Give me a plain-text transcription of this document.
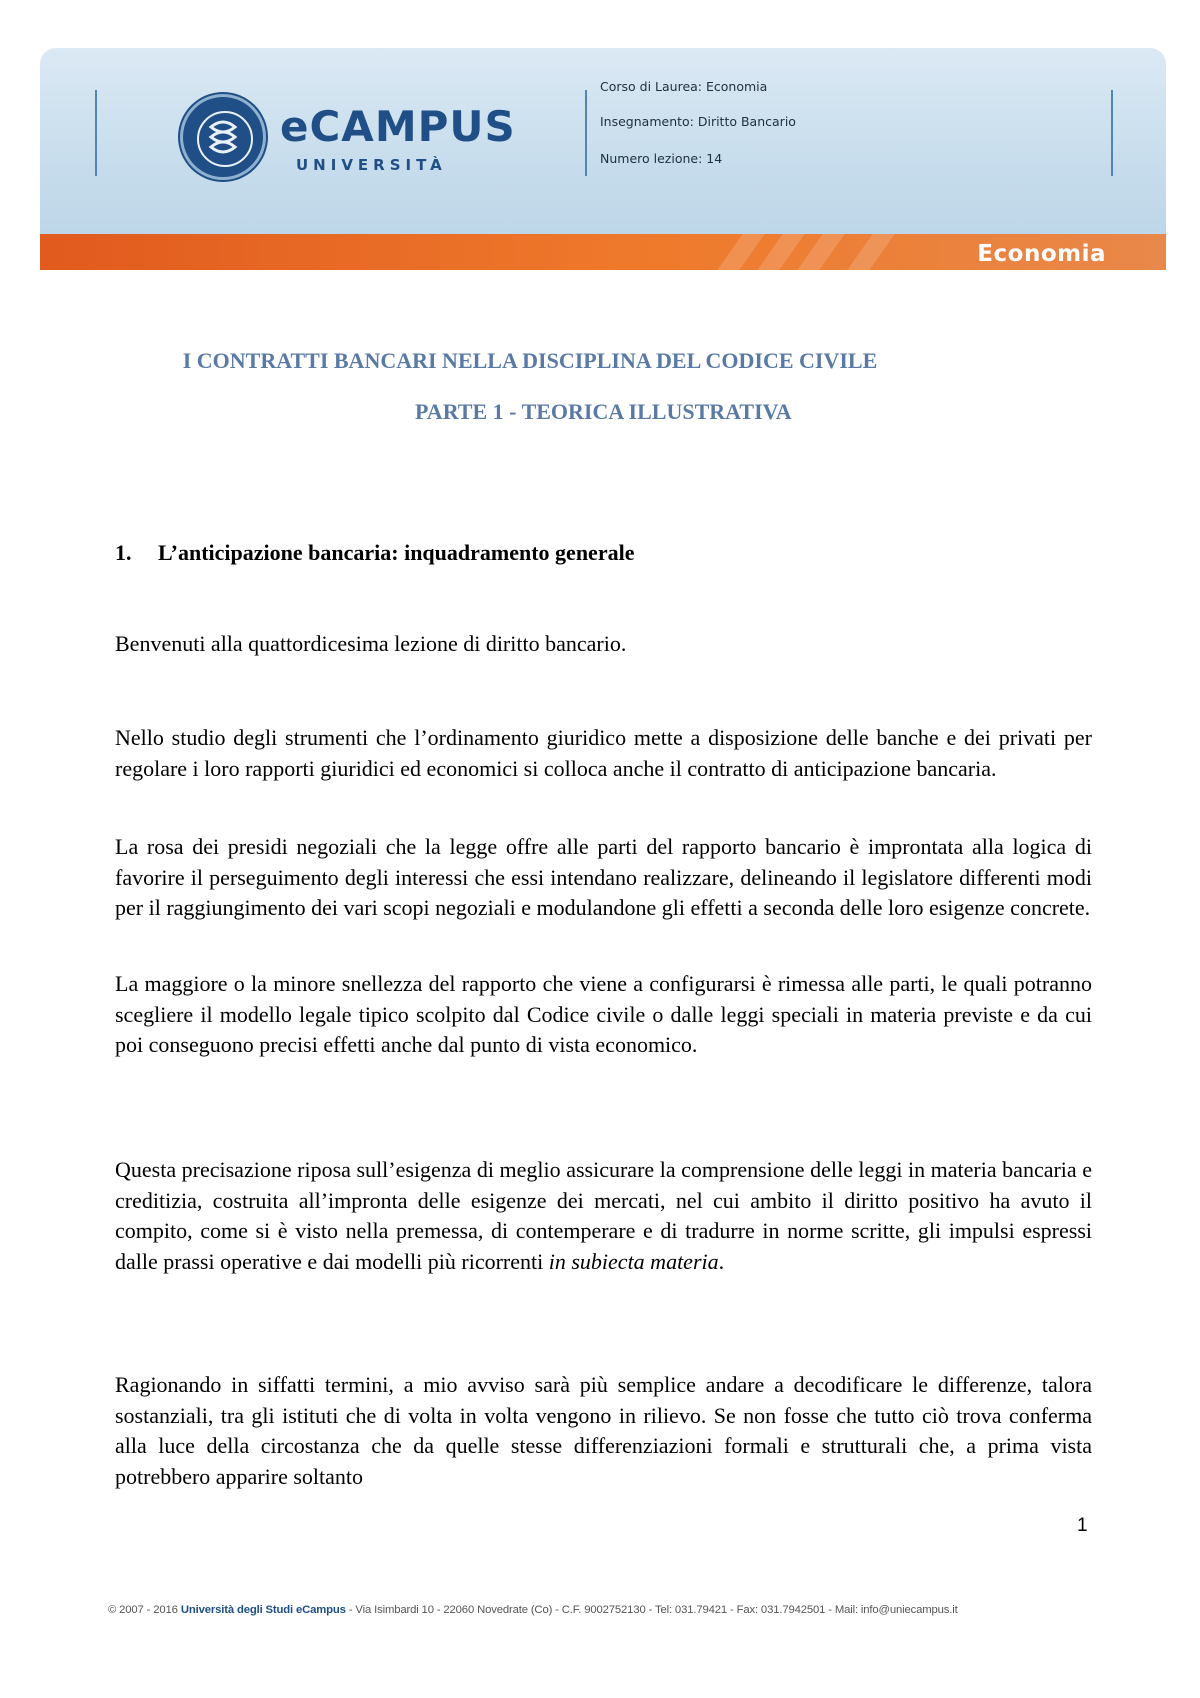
eCAMPUS
UNIVERSITÀ
Corso di Laurea: Economia
Insegnamento: Diritto Bancario
Numero lezione: 14
Economia
I CONTRATTI BANCARI NELLA DISCIPLINA DEL CODICE CIVILE
PARTE 1 - TEORICA ILLUSTRATIVA
1. L’anticipazione bancaria: inquadramento generale

Benvenuti alla quattordicesima lezione di diritto bancario.

Nello studio degli strumenti che l’ordinamento giuridico mette a disposizione delle banche e dei privati per regolare i loro rapporti giuridici ed economici si colloca anche il contratto di anticipazione bancaria.

La rosa dei presidi negoziali che la legge offre alle parti del rapporto bancario è improntata alla logica di favorire il perseguimento degli interessi che essi intendano realizzare, delineando il legislatore differenti modi per il raggiungimento dei vari scopi negoziali e modulandone gli effetti a seconda delle loro esigenze concrete.

La maggiore o la minore snellezza del rapporto che viene a configurarsi è rimessa alle parti, le quali potranno scegliere il modello legale tipico scolpito dal Codice civile o dalle leggi speciali in materia previste e da cui poi conseguono precisi effetti anche dal punto di vista economico.

Questa precisazione riposa sull’esigenza di meglio assicurare la comprensione delle leggi in materia bancaria e creditizia, costruita all’impronta delle esigenze dei mercati, nel cui ambito il diritto positivo ha avuto il compito, come si è visto nella premessa, di contemperare e di tradurre in norme scritte, gli impulsi espressi dalle prassi operative e dai modelli più ricorrenti in subiecta materia.

Ragionando in siffatti termini, a mio avviso sarà più semplice andare a decodificare le differenze, talora sostanziali, tra gli istituti che di volta in volta vengono in rilievo. Se non fosse che tutto ciò trova conferma alla luce della circostanza che da quelle stesse differenziazioni formali e strutturali che, a prima vista potrebbero apparire soltanto

1
© 2007 - 2016 Università degli Studi eCampus - Via Isimbardi 10 - 22060 Novedrate (Co) - C.F. 9002752130 - Tel: 031.79421 - Fax: 031.7942501 - Mail: info@uniecampus.it
